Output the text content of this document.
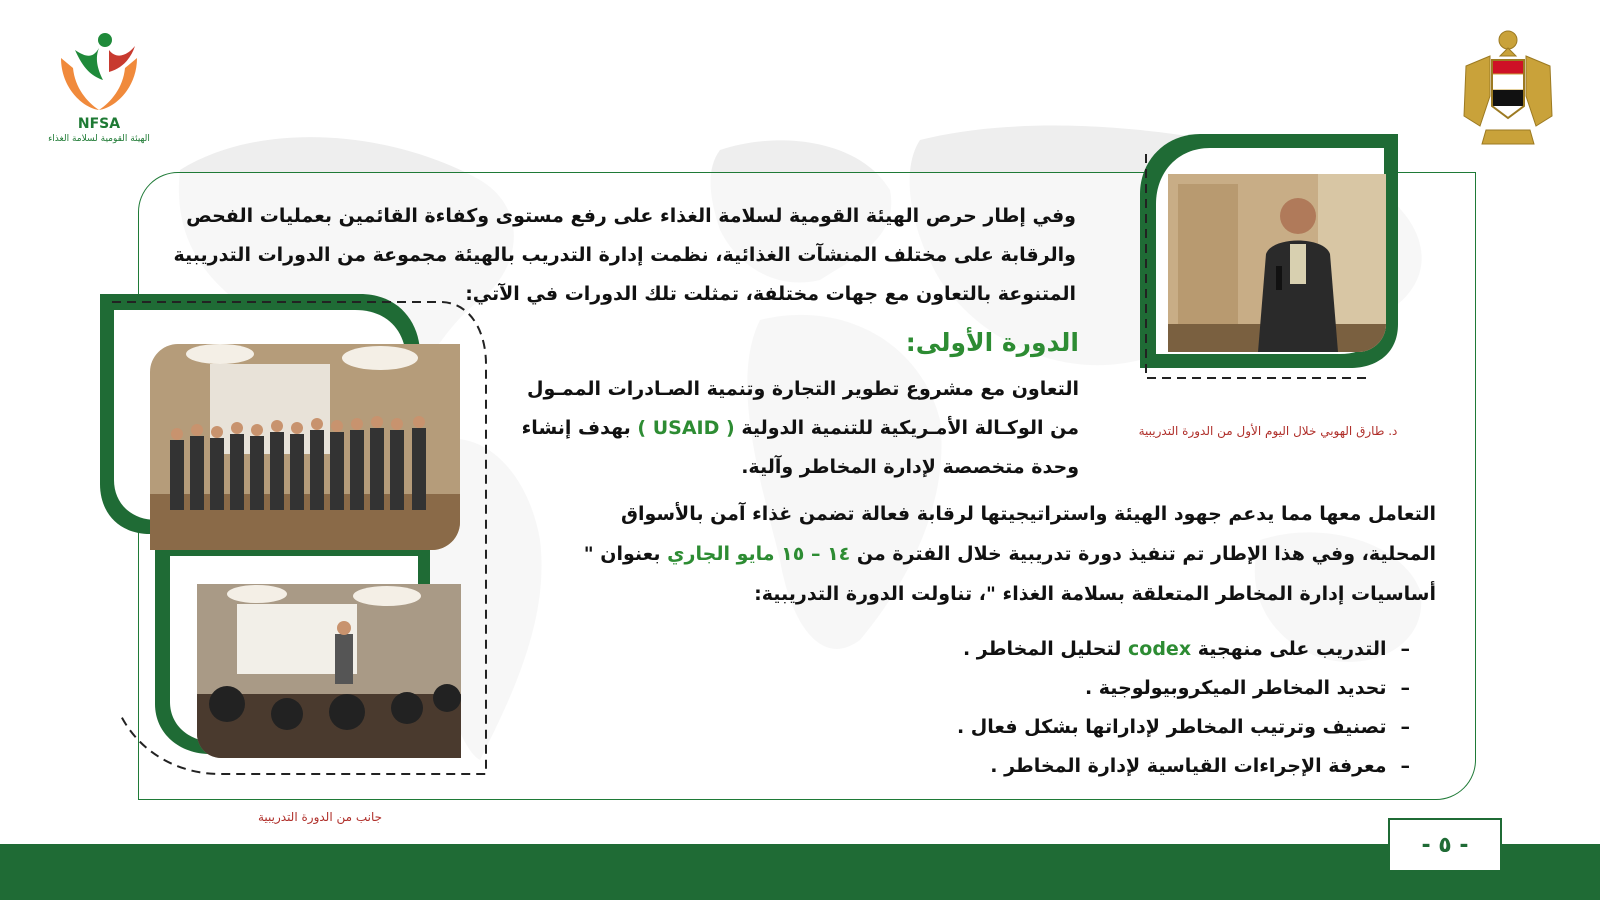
NFSA
الهيئة القومية لسلامة الغذاء
د. طارق الهوبي خلال اليوم الأول من الدورة التدريبية
جانب من الدورة التدريبية
وفي إطار حرص الهيئة القومية لسلامة الغذاء على رفع مستوى وكفاءة القائمين بعمليات الفحص والرقابة على مختلف المنشآت الغذائية، نظمت إدارة التدريب بالهيئة مجموعة من الدورات التدريبية المتنوعة بالتعاون مع جهات مختلفة، تمثلت تلك الدورات في الآتي:
الدورة الأولى:
التعاون مع مشروع تطوير التجارة وتنمية الصـادرات الممـول من الوكـالة الأمـريكية للتنمية الدولية ( USAID ) بهدف إنشاء وحدة متخصصة لإدارة المخاطر وآلية.
التعامل معها مما يدعم جهود الهيئة واستراتيجيتها لرقابة فعالة تضمن غذاء آمن بالأسواق المحلية، وفي هذا الإطار تم تنفيذ دورة تدريبية خلال الفترة من ١٤ – ١٥ مايو الجاري بعنوان " أساسيات إدارة المخاطر المتعلقة بسلامة الغذاء "، تناولت الدورة التدريبية:
–التدريب على منهجية codex لتحليل المخاطر .
–تحديد المخاطر الميكروبيولوجية .
–تصنيف وترتيب المخاطر لإداراتها بشكل فعال .
–معرفة الإجراءات القياسية لإدارة المخاطر .
- ٥ -
